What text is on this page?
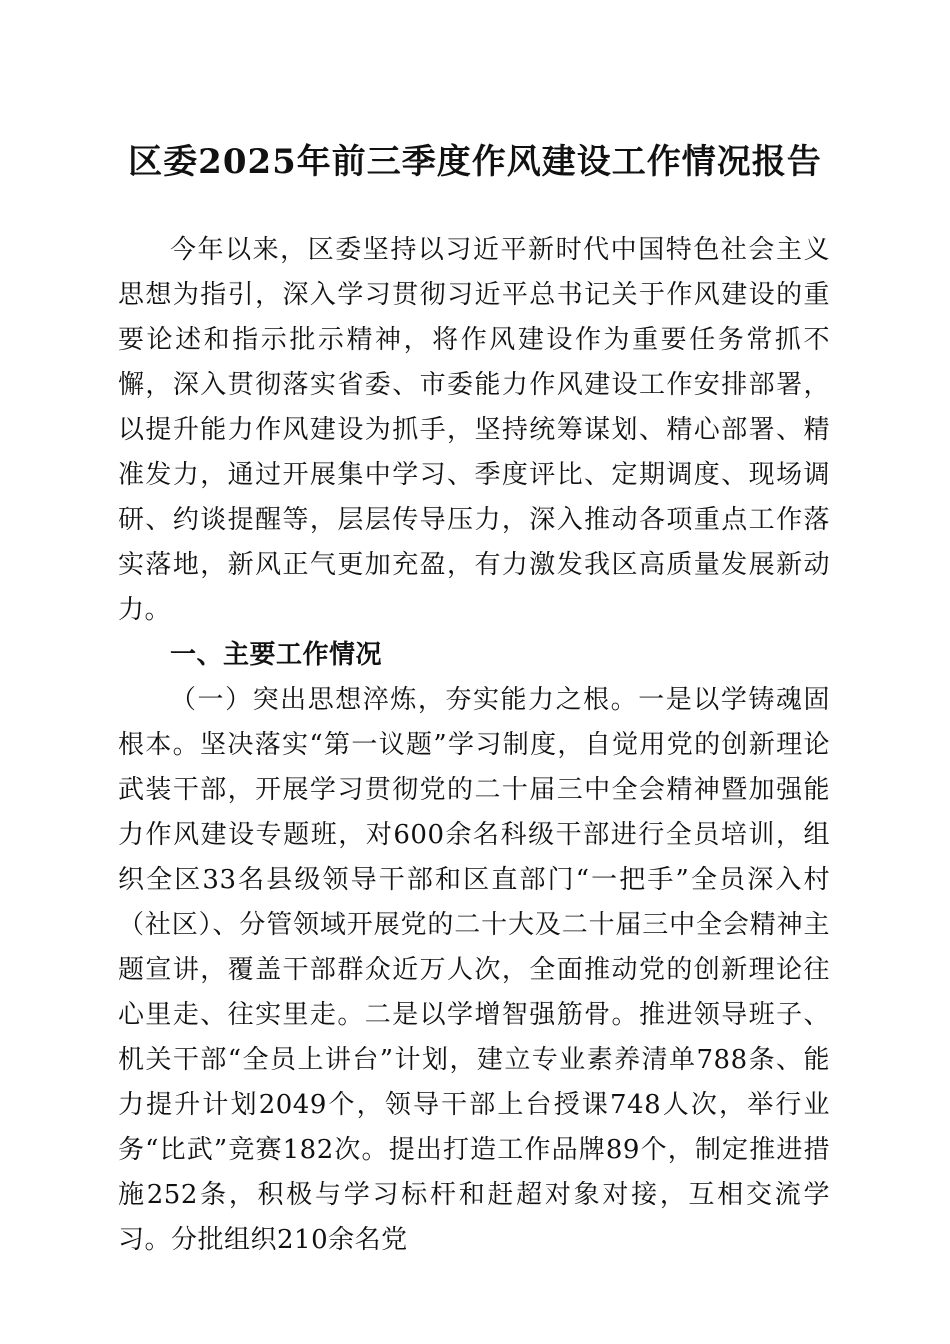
区委2025年前三季度作风建设工作情况报告

今年以来，区委坚持以习近平新时代中国特色社会主义思想为指引，深入学习贯彻习近平总书记关于作风建设的重要论述和指示批示精神，将作风建设作为重要任务常抓不懈，深入贯彻落实省委、市委能力作风建设工作安排部署，以提升能力作风建设为抓手，坚持统筹谋划、精心部署、精准发力，通过开展集中学习、季度评比、定期调度、现场调研、约谈提醒等，层层传导压力，深入推动各项重点工作落实落地，新风正气更加充盈，有力激发我区高质量发展新动力。

一、主要工作情况

（一）突出思想淬炼，夯实能力之根。一是以学铸魂固根本。坚决落实“第一议题”学习制度，自觉用党的创新理论武装干部，开展学习贯彻党的二十届三中全会精神暨加强能力作风建设专题班，对600余名科级干部进行全员培训，组织全区33名县级领导干部和区直部门“一把手”全员深入村（社区）、分管领域开展党的二十大及二十届三中全会精神主题宣讲，覆盖干部群众近万人次，全面推动党的创新理论往心里走、往实里走。二是以学增智强筋骨。推进领导班子、机关干部“全员上讲台”计划，建立专业素养清单788条、能力提升计划2049个，领导干部上台授课748人次，举行业务“比武”竞赛182次。提出打造工作品牌89个，制定推进措施252条，积极与学习标杆和赶超对象对接，互相交流学习。分批组织210余名党
